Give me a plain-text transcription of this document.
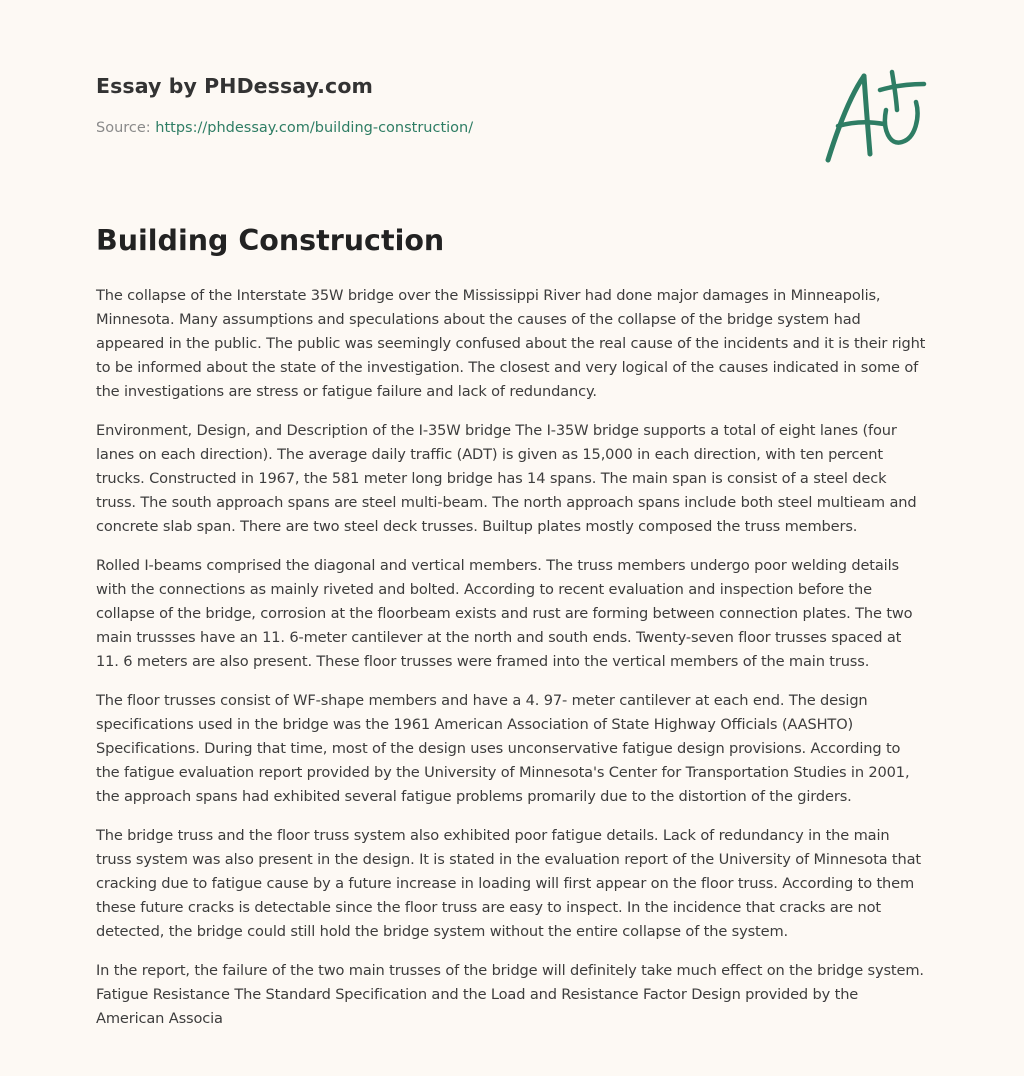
Essay by PHDessay.com
Source: https://phdessay.com/building-construction/
Building Construction

The collapse of the Interstate 35W bridge over the Mississippi River had done major damages in Minneapolis, Minnesota. Many assumptions and speculations about the causes of the collapse of the bridge system had appeared in the public. The public was seemingly confused about the real cause of the incidents and it is their right to be informed about the state of the investigation. The closest and very logical of the causes indicated in some of the investigations are stress or fatigue failure and lack of redundancy.

Environment, Design, and Description of the I-35W bridge The I-35W bridge supports a total of eight lanes (four lanes on each direction). The average daily traffic (ADT) is given as 15,000 in each direction, with ten percent trucks. Constructed in 1967, the 581 meter long bridge has 14 spans. The main span is consist of a steel deck truss. The south approach spans are steel multi-beam. The north approach spans include both steel multieam and concrete slab span. There are two steel deck trusses. Builtup plates mostly composed the truss members.

Rolled I-beams comprised the diagonal and vertical members. The truss members undergo poor welding details with the connections as mainly riveted and bolted. According to recent evaluation and inspection before the collapse of the bridge, corrosion at the floorbeam exists and rust are forming between connection plates. The two main trussses have an 11. 6-meter cantilever at the north and south ends. Twenty-seven floor trusses spaced at 11. 6 meters are also present. These floor trusses were framed into the vertical members of the main truss.

The floor trusses consist of WF-shape members and have a 4. 97- meter cantilever at each end. The design specifications used in the bridge was the 1961 American Association of State Highway Officials (AASHTO) Specifications. During that time, most of the design uses unconservative fatigue design provisions. According to the fatigue evaluation report provided by the University of Minnesota's Center for Transportation Studies in 2001, the approach spans had exhibited several fatigue problems promarily due to the distortion of the girders.

The bridge truss and the floor truss system also exhibited poor fatigue details. Lack of redundancy in the main truss system was also present in the design. It is stated in the evaluation report of the University of Minnesota that cracking due to fatigue cause by a future increase in loading will first appear on the floor truss. According to them these future cracks is detectable since the floor truss are easy to inspect. In the incidence that cracks are not detected, the bridge could still hold the bridge system without the entire collapse of the system.

In the report, the failure of the two main trusses of the bridge will definitely take much effect on the bridge system. Fatigue Resistance The Standard Specification and the Load and Resistance Factor Design provided by the American Associa
